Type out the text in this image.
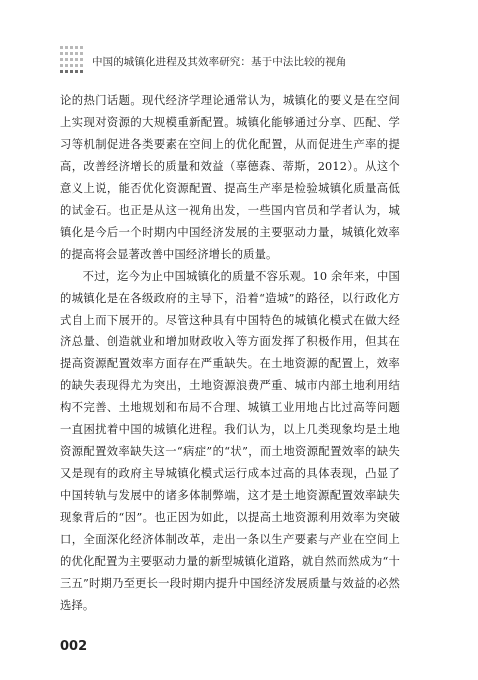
中国的城镇化进程及其效率研究：基于中法比较的视角

论的热门话题。现代经济学理论通常认为，城镇化的要义是在空间上实现对资源的大规模重新配置。城镇化能够通过分享、匹配、学习等机制促进各类要素在空间上的优化配置，从而促进生产率的提高，改善经济增长的质量和效益（辜德森、蒂斯，2012）。从这个意义上说，能否优化资源配置、提高生产率是检验城镇化质量高低的试金石。也正是从这一视角出发，一些国内官员和学者认为，城镇化是今后一个时期内中国经济发展的主要驱动力量，城镇化效率的提高将会显著改善中国经济增长的质量。

不过，迄今为止中国城镇化的质量不容乐观。10 余年来，中国的城镇化是在各级政府的主导下，沿着“造城”的路径，以行政化方式自上而下展开的。尽管这种具有中国特色的城镇化模式在做大经济总量、创造就业和增加财政收入等方面发挥了积极作用，但其在提高资源配置效率方面存在严重缺失。在土地资源的配置上，效率的缺失表现得尤为突出，土地资源浪费严重、城市内部土地利用结构不完善、土地规划和布局不合理、城镇工业用地占比过高等问题一直困扰着中国的城镇化进程。我们认为，以上几类现象均是土地资源配置效率缺失这一“病症”的“状”，而土地资源配置效率的缺失又是现有的政府主导城镇化模式运行成本过高的具体表现，凸显了中国转轨与发展中的诸多体制弊端，这才是土地资源配置效率缺失现象背后的“因”。也正因为如此，以提高土地资源利用效率为突破口，全面深化经济体制改革，走出一条以生产要素与产业在空间上的优化配置为主要驱动力量的新型城镇化道路，就自然而然成为“十三五”时期乃至更长一段时期内提升中国经济发展质量与效益的必然选择。

002
